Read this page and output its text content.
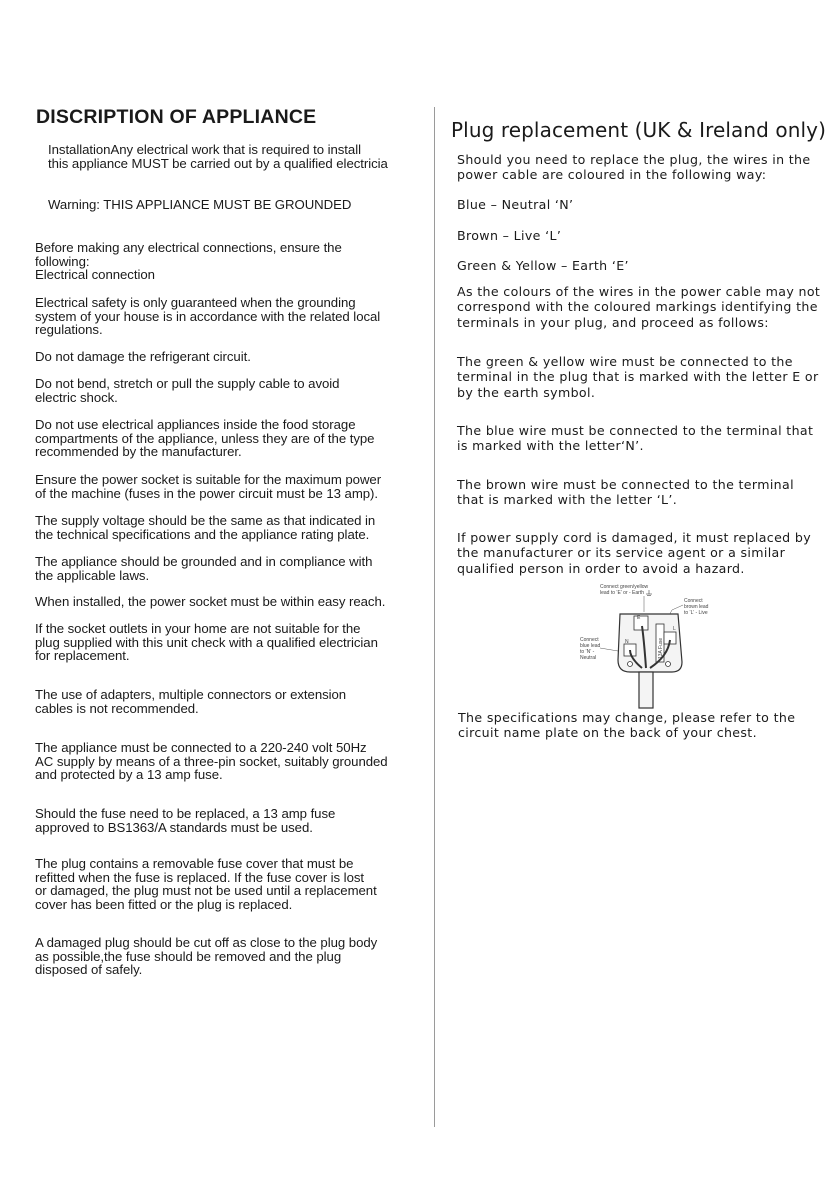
DISCRIPTION OF APPLIANCE
InstallationAny electrical work that is required to install
this appliance MUST be carried out by a qualified electricia
Warning: THIS APPLIANCE MUST BE GROUNDED
Before making any electrical connections, ensure the
following:
Electrical connection
Electrical safety is only guaranteed when the grounding
system of your house is in accordance with the related local
regulations.
Do not damage the refrigerant circuit.
Do not bend, stretch or pull the supply cable to avoid
electric shock.
Do not use electrical appliances inside the food storage
compartments of the appliance, unless they are of the type
recommended by the manufacturer.
Ensure the power socket is suitable for the maximum power
of the machine (fuses in the power circuit must be 13 amp).
The supply voltage should be the same as that indicated in
the technical specifications and the appliance rating plate.
The appliance should be grounded and in compliance with
the applicable laws.
When installed, the power socket must be within easy reach.
If the socket outlets in your home are not suitable for the
plug supplied with this unit check with a qualified electrician
for replacement.
The use of adapters, multiple connectors or extension
cables is not recommended.
The appliance must be connected to a 220-240 volt 50Hz
AC supply by means of a three-pin socket, suitably grounded
and protected by a 13 amp fuse.
Should the fuse need to be replaced, a 13 amp fuse
approved to BS1363/A standards must be used.
The plug contains a removable fuse cover that must be
refitted when the fuse is replaced. If the fuse cover is lost
or damaged, the plug must not be used until a replacement
cover has been fitted or the plug is replaced.
A damaged plug should be cut off as close to the plug body
as possible,the fuse should be removed and the plug
disposed of safely.
Plug replacement (UK & Ireland only)
Should you need to replace the plug, the wires in the
power cable are coloured in the following way:
Blue – Neutral ‘N’
Brown – Live ‘L’
Green & Yellow – Earth ‘E’
As the colours of the wires in the power cable may not
correspond with the coloured markings identifying the
terminals in your plug, and proceed as follows:
The green & yellow wire must be connected to the
terminal in the plug that is marked with the letter E or
by the earth symbol.
The blue wire must be connected to the terminal that
is marked with the letter‘N’.
The brown wire must be connected to the terminal
that is marked with the letter ‘L’.
If power supply cord is damaged, it must replaced by
the manufacturer or its service agent or a similar
qualified person in order to avoid a hazard.
Connect green/yellow
lead to ‘E’ or - Earth
Connect
brown lead
to ‘L’ - Live
Connect
blue lead
to ‘N’ -
Neutral
E
13A Fuse
N
L
The specifications may change, please refer to the
circuit name plate on the back of your chest.
